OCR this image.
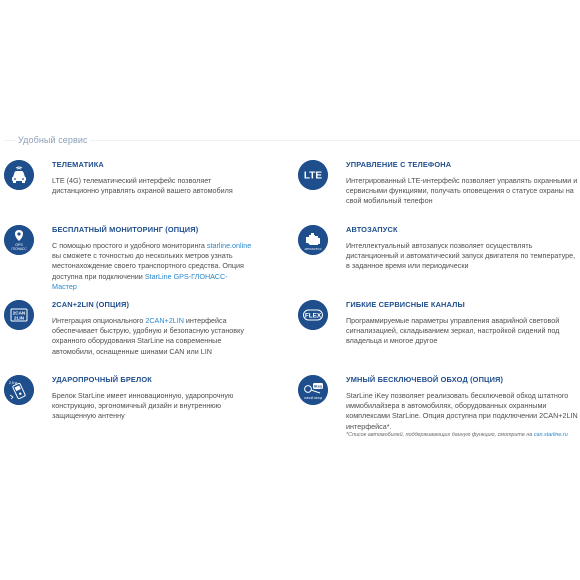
Удобный сервис
ТЕЛЕМАТИКА
LTE (4G) телематический интерфейс позволяет дистанционно управлять охраной вашего автомобиля
LTE
УПРАВЛЕНИЕ С ТЕЛЕФОНА
Интегрированный LTE-интерфейс позволяет управлять охранными и сервисными функциями, получать оповещения о статусе охраны на свой мобильный телефон
GPS
ГЛОНАСС
БЕСПЛАТНЫЙ МОНИТОРИНГ (ОПЦИЯ)
С помощью простого и удобного мониторинга starline.online вы сможете с точностью до нескольких метров узнать местонахождение своего транспортного средства. Опция доступна при подключении StarLine GPS-ГЛОНАСС-Мастер
АВТОЗАПУСК
АВТОЗАПУСК
Интеллектуальный автозапуск позволяет осуществлять дистанционный и автоматический запуск двигателя по температуре, в заданное время или периодически
2CAN
2LIN
2CAN+2LIN (ОПЦИЯ)
Интеграция опционального 2CAN+2LIN интерфейса обеспечивает быструю, удобную и безопасную установку охранного оборудования StarLine на современные автомобили, оснащенные шинами CAN или LIN
FLEX
ГИБКИЕ СЕРВИСНЫЕ КАНАЛЫ
Программируемые параметры управления аварийной световой сигнализацией, складыванием зеркал, настройкой сидений под владельца и многое другое
2,5 м	УДАРОПРОЧНЫЙ БРЕЛОК
Брелок StarLine имеет инновационную, ударопрочную конструкцию, эргономичный дизайн и внутреннюю защищенную антенну
iKey
УМНЫЙ ОБХОД
УМНЫЙ БЕСКЛЮЧЕВОЙ ОБХОД (ОПЦИЯ)
StarLine iKey позволяет реализовать бесключевой обход штатного иммобилайзера в автомобилях, оборудованных охранными комплексами StarLine. Опция доступна при подключении 2CAN+2LIN интерфейса*.
*Список автомобилей, поддерживающих данную функцию, смотрите на can.starline.ru
